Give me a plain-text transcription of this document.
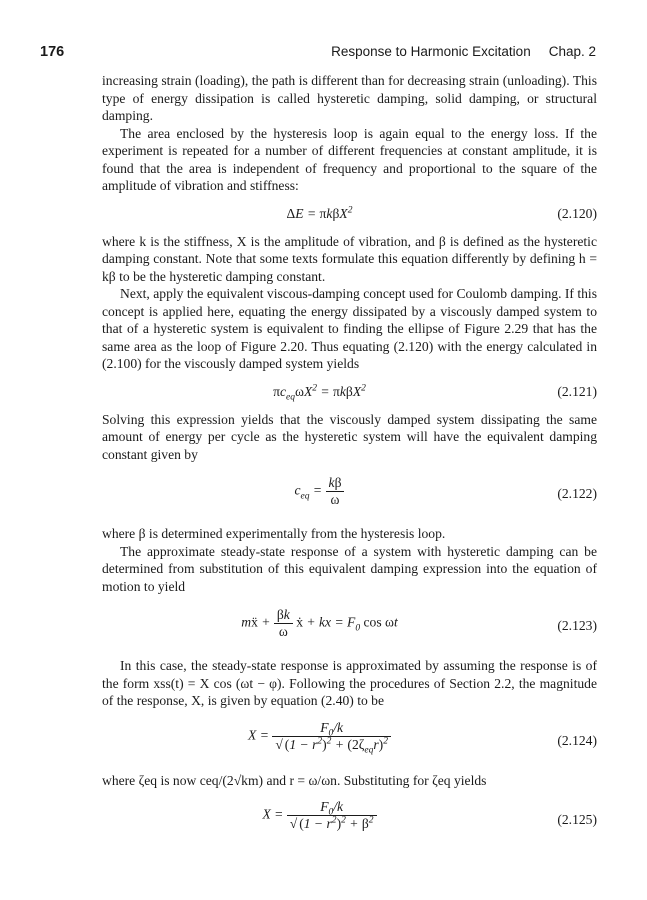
176	Response to Harmonic Excitation Chap. 2

increasing strain (loading), the path is different than for decreasing strain (unloading). This type of energy dissipation is called hysteretic damping, solid damping, or structural damping.

The area enclosed by the hysteresis loop is again equal to the energy loss. If the experiment is repeated for a number of different frequencies at constant amplitude, it is found that the area is independent of frequency and proportional to the square of the amplitude of vibration and stiffness:

ΔE = πkβX$^2$	(2.120)

where k is the stiffness, X is the amplitude of vibration, and β is defined as the hysteretic damping constant. Note that some texts formulate this equation differently by defining h = kβ to be the hysteretic damping constant.

Next, apply the equivalent viscous-damping concept used for Coulomb damping. If this concept is applied here, equating the energy dissipated by a viscously damped system to that of a hysteretic system is equivalent to finding the ellipse of Figure 2.29 that has the same area as the loop of Figure 2.20. Thus equating (2.120) with the energy calculated in (2.100) for the viscously damped system yields

$\pi c_{eq}\omega X^2 = \pi k\beta X^2$	(2.121)

Solving this expression yields that the viscously damped system dissipating the same amount of energy per cycle as the hysteretic system will have the equivalent damping constant given by

$c_{eq} = \frac{k\beta}{\omega}$	(2.122)

where β is determined experimentally from the hysteresis loop.

The approximate steady-state response of a system with hysteretic damping can be determined from substitution of this equivalent damping expression into the equation of motion to yield

mẍ + $\frac{\beta k}{\omega}$ ẋ + kx = $F_0$ cos ωt	(2.123)

In this case, the steady-state response is approximated by assuming the response is of the form xss(t) = X cos (ωt − φ). Following the procedures of Section 2.2, the magnitude of the response, X, is given by equation (2.40) to be

$X = \frac{F_0/k}{√ (1 - r^2)^2 + (2\zeta_{eq}r)^2}$	(2.124)

where ζeq is now ceq/(2√km) and r = ω/ωn. Substituting for ζeq yields

$X = \frac{F_0/k}{√ (1 - r^2)^2 + \beta^2}$	(2.125)
